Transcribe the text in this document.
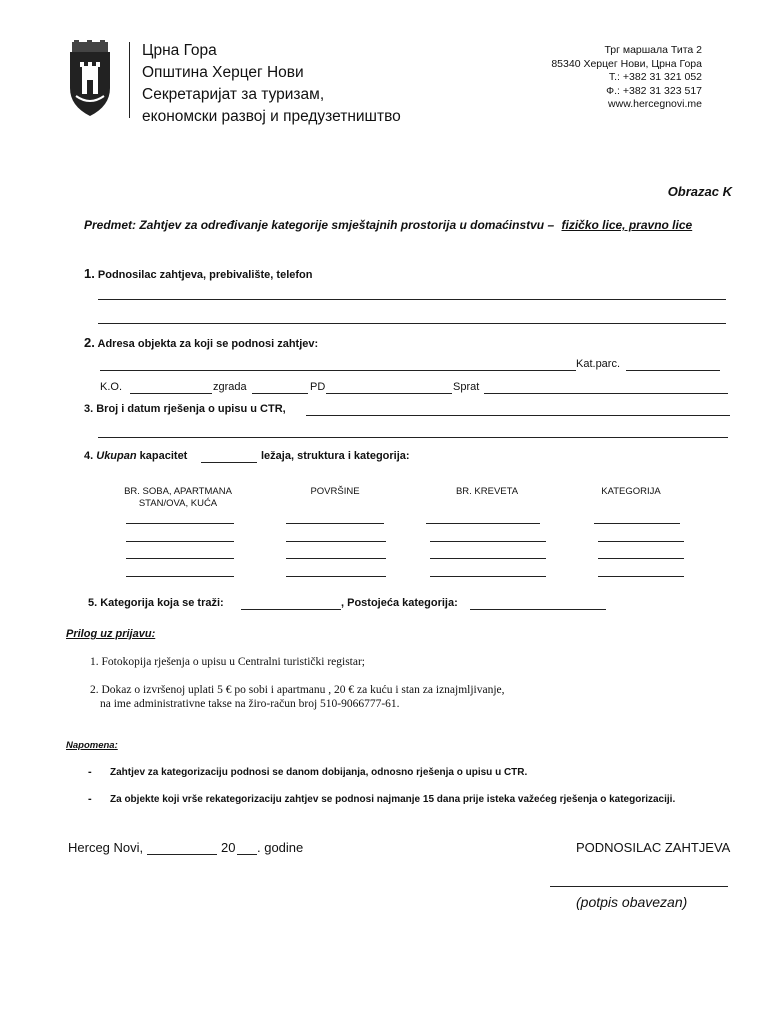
Црна Гора
Општина Херцег Нови
Секретаријат за туризам,
економски развој и предузетништво
Трг маршала Тита 2
85340 Херцег Нови, Црна Гора
Т.: +382 31 321 052
Ф.: +382 31 323 517
www.hercegnovi.me
Obrazac K
Predmet: Zahtjev za određivanje kategorije smještajnih prostorija u domaćinstvu – fizičko lice, pravno lice
1. Podnosilac zahtjeva, prebivalište, telefon
2. Adresa objekta za koji se podnosi zahtjev:
Kat.parc.
K.O.	zgrada	PD	Sprat
3. Broj i datum rješenja o upisu u CTR,
4. Ukupan kapacitet	ležaja, struktura i kategorija:
BR. SOBA, APARTMANA
STAN/OVA, KUĆA
POVRŠINE	BR. KREVETA	KATEGORIJA
5. Kategorija koja se traži:	, Postojeća kategorija:
Prilog uz prijavu:
1. Fotokopija rješenja o upisu u Centralni turistički registar;
2. Dokaz o izvršenoj uplati 5 € po sobi i apartmanu , 20 € za kuću i stan za iznajmljivanje,
na ime administrativne takse na žiro-račun broj 510-9066777-61.
Napomena:
- Zahtjev za kategorizaciju podnosi se danom dobijanja, odnosno rješenja o upisu u CTR.
- Za objekte koji vrše rekategorizaciju zahtjev se podnosi najmanje 15 dana prije isteka važećeg rješenja o kategorizaciji.
Herceg Novi,	20 . godine	PODNOSILAC ZAHTJEVA
(potpis obavezan)
